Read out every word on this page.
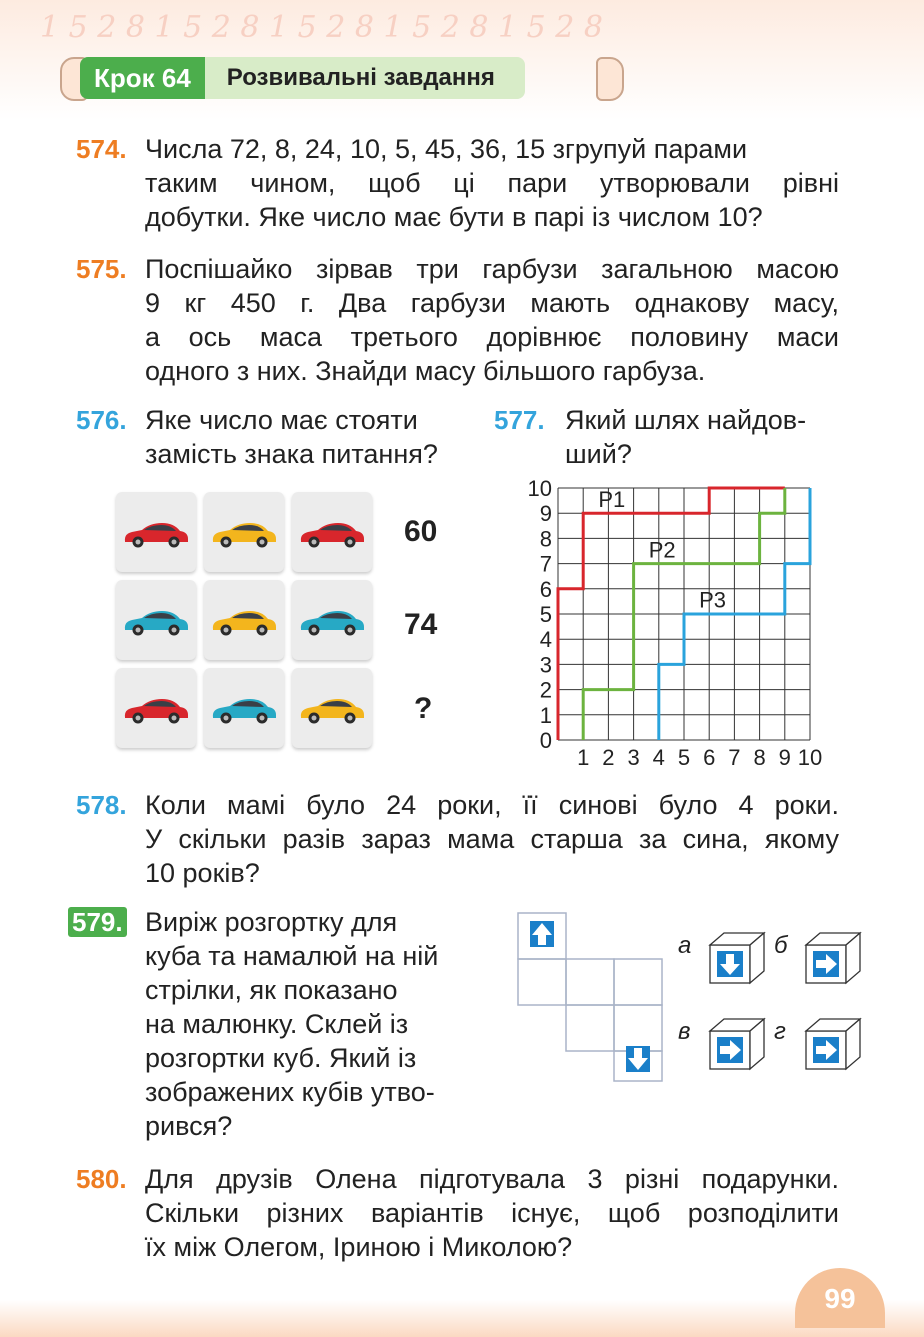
1 5 2 8 1 5 2 8 1 5 2 8 1 5 2 8 1 5 2 8
Крок 64	Розвивальні завдання
574. Числа 72, 8, 24, 10, 5, 45, 36, 15 згрупуй парами
таким чином, щоб ці пари утворювали рівні
добутки. Яке число має бути в парі із числом 10?
575. Поспішайко зірвав три гарбузи загальною масою
9 кг 450 г. Два гарбузи мають однакову масу,
а ось маса третього дорівнює половину маси
одного з них. Знайди масу більшого гарбуза.
576. Яке число має стояти
замість знака питання?
60
74
?
577. Який шлях найдов-
ший?
0
1
2
3
4
5
6
7
8
9
10
1 2 3 4 5 6 7 8 9 10
P1
P2
P3
578. Коли мамі було 24 роки, її синові було 4 роки.
У скільки разів зараз мама старша за сина, якому
10 років?
579. Виріж розгортку для
куба та намалюй на ній
стрілки, як показано
на малюнку. Склей із
розгортки куб. Який із
зображених кубів утво-
рився?
а	б
в	г
580. Для друзів Олена підготувала 3 різні подарунки.
Скільки різних варіантів існує, щоб розподілити
їх між Олегом, Іриною і Миколою?
99
